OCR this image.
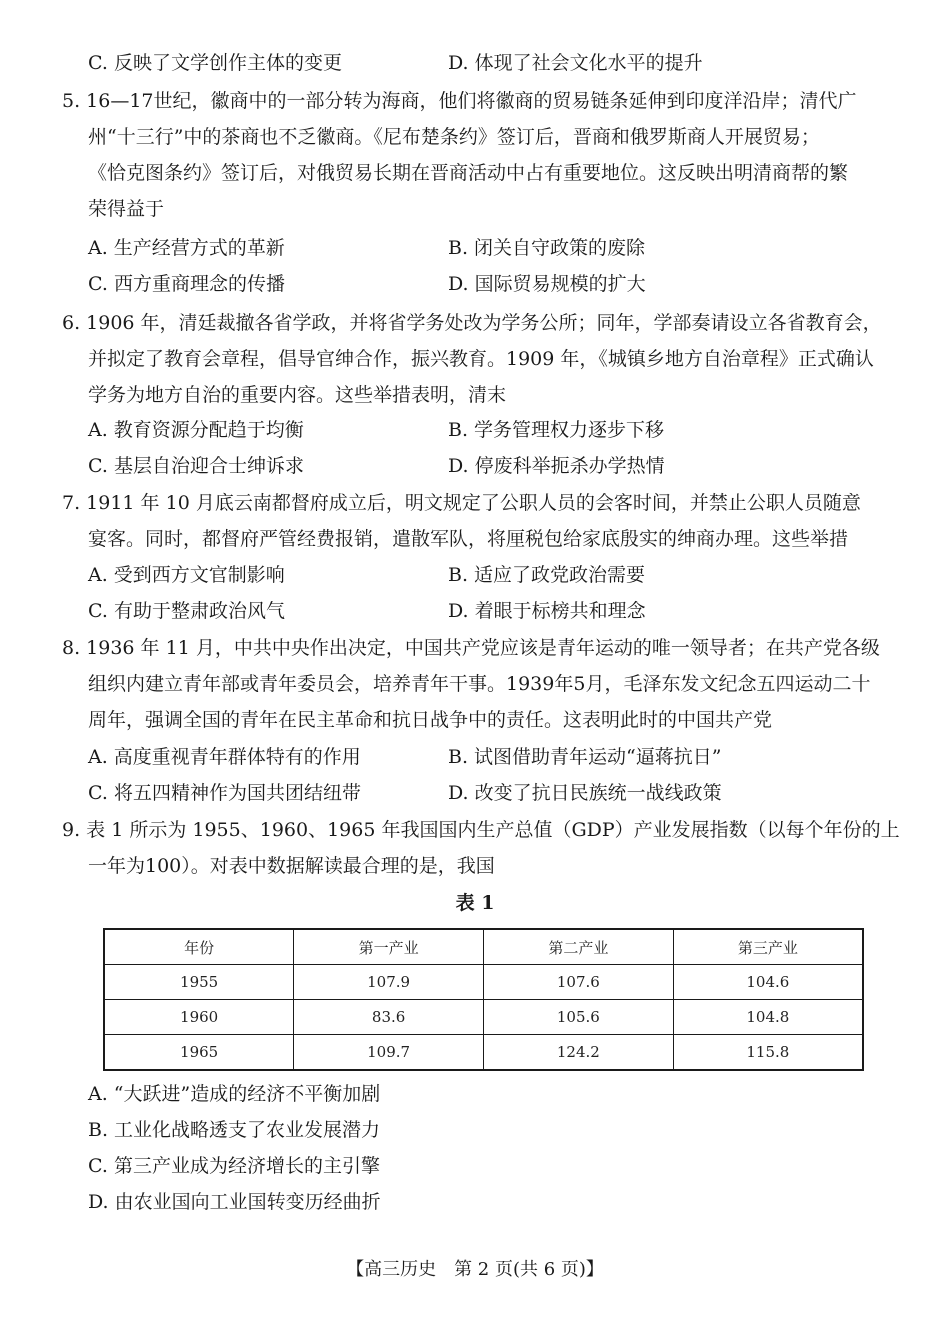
C. 反映了文学创作主体的变更	D. 体现了社会文化水平的提升
5. 16—17世纪，徽商中的一部分转为海商，他们将徽商的贸易链条延伸到印度洋沿岸；清代广
州“十三行”中的茶商也不乏徽商。《尼布楚条约》签订后，晋商和俄罗斯商人开展贸易；
《恰克图条约》签订后，对俄贸易长期在晋商活动中占有重要地位。这反映出明清商帮的繁
荣得益于
A. 生产经营方式的革新	B. 闭关自守政策的废除
C. 西方重商理念的传播	D. 国际贸易规模的扩大
6. 1906 年，清廷裁撤各省学政，并将省学务处改为学务公所；同年，学部奏请设立各省教育会，
并拟定了教育会章程，倡导官绅合作，振兴教育。1909 年，《城镇乡地方自治章程》正式确认
学务为地方自治的重要内容。这些举措表明，清末
A. 教育资源分配趋于均衡	B. 学务管理权力逐步下移
C. 基层自治迎合士绅诉求	D. 停废科举扼杀办学热情
7. 1911 年 10 月底云南都督府成立后，明文规定了公职人员的会客时间，并禁止公职人员随意
宴客。同时，都督府严管经费报销，遣散军队，将厘税包给家底殷实的绅商办理。这些举措
A. 受到西方文官制影响	B. 适应了政党政治需要
C. 有助于整肃政治风气	D. 着眼于标榜共和理念
8. 1936 年 11 月，中共中央作出决定，中国共产党应该是青年运动的唯一领导者；在共产党各级
组织内建立青年部或青年委员会，培养青年干事。1939年5月，毛泽东发文纪念五四运动二十
周年，强调全国的青年在民主革命和抗日战争中的责任。这表明此时的中国共产党
A. 高度重视青年群体特有的作用	B. 试图借助青年运动“逼蒋抗日”
C. 将五四精神作为国共团结纽带	D. 改变了抗日民族统一战线政策
9. 表 1 所示为 1955、1960、1965 年我国国内生产总值（GDP）产业发展指数（以每个年份的上
一年为100）。对表中数据解读最合理的是，我国
表 1
年份	第一产业	第二产业	第三产业
1955	107.9	107.6	104.6
1960	83.6	105.6	104.8
1965	109.7	124.2	115.8
A. “大跃进”造成的经济不平衡加剧
B. 工业化战略透支了农业发展潜力
C. 第三产业成为经济增长的主引擎
D. 由农业国向工业国转变历经曲折
【高三历史　第 2 页(共 6 页)】
